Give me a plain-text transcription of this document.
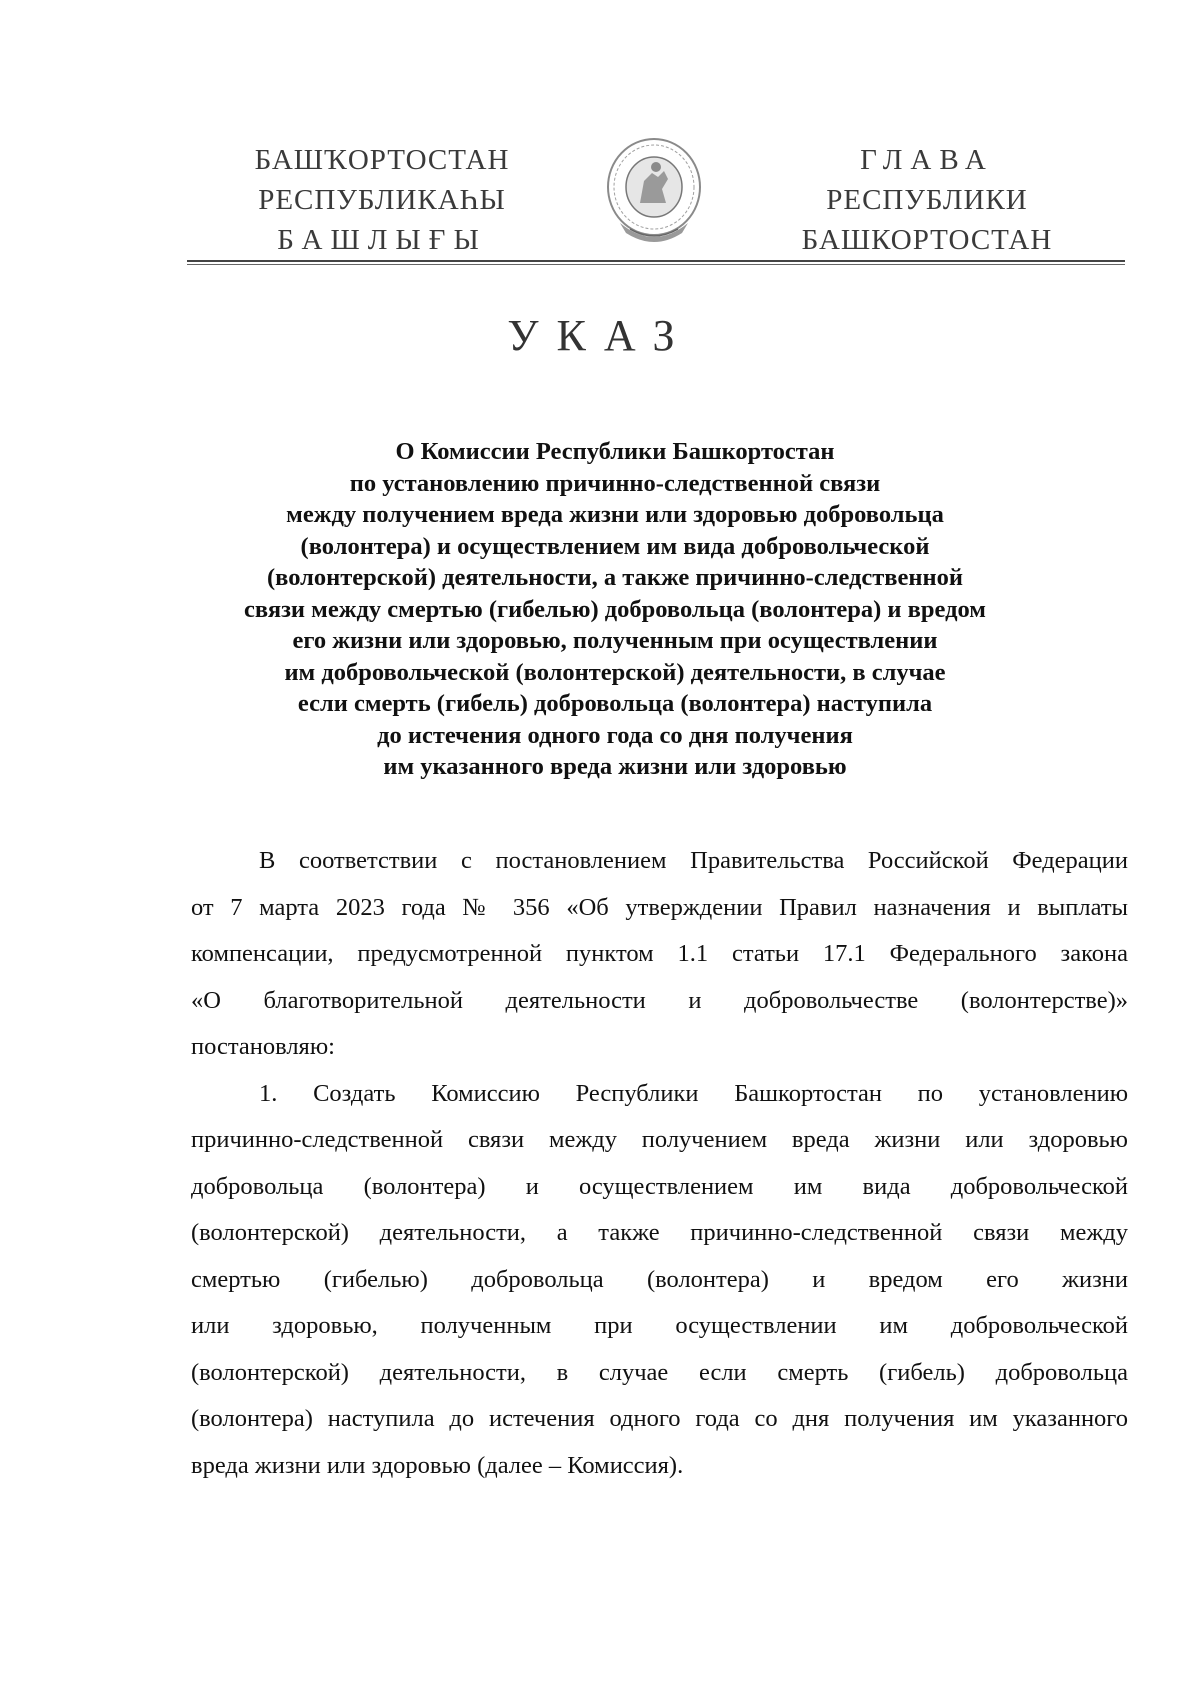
БАШҠОРТОСТАН
РЕСПУБЛИКАҺЫ
БАШЛЫҒЫ
ГЛАВА
РЕСПУБЛИКИ
БАШКОРТОСТАН
УКАЗ
О Комиссии Республики Башкортостан
по установлению причинно-следственной связи
между получением вреда жизни или здоровью добровольца
(волонтера) и осуществлением им вида добровольческой
(волонтерской) деятельности, а также причинно-следственной
связи между смертью (гибелью) добровольца (волонтера) и вредом
его жизни или здоровью, полученным при осуществлении
им добровольческой (волонтерской) деятельности, в случае
если смерть (гибель) добровольца (волонтера) наступила
до истечения одного года со дня получения
им указанного вреда жизни или здоровью

В соответствии с постановлением Правительства Российской Федерации
от 7 марта 2023 года № 356 «Об утверждении Правил назначения и выплаты
компенсации, предусмотренной пунктом 1.1 статьи 17.1 Федерального закона
«О благотворительной деятельности и добровольчестве (волонтерстве)»
постановляю:

1. Создать Комиссию Республики Башкортостан по установлению
причинно-следственной связи между получением вреда жизни или здоровью
добровольца (волонтера) и осуществлением им вида добровольческой
(волонтерской) деятельности, а также причинно-следственной связи между
смертью (гибелью) добровольца (волонтера) и вредом его жизни
или здоровью, полученным при осуществлении им добровольческой
(волонтерской) деятельности, в случае если смерть (гибель) добровольца
(волонтера) наступила до истечения одного года со дня получения им указанного
вреда жизни или здоровью (далее – Комиссия).
